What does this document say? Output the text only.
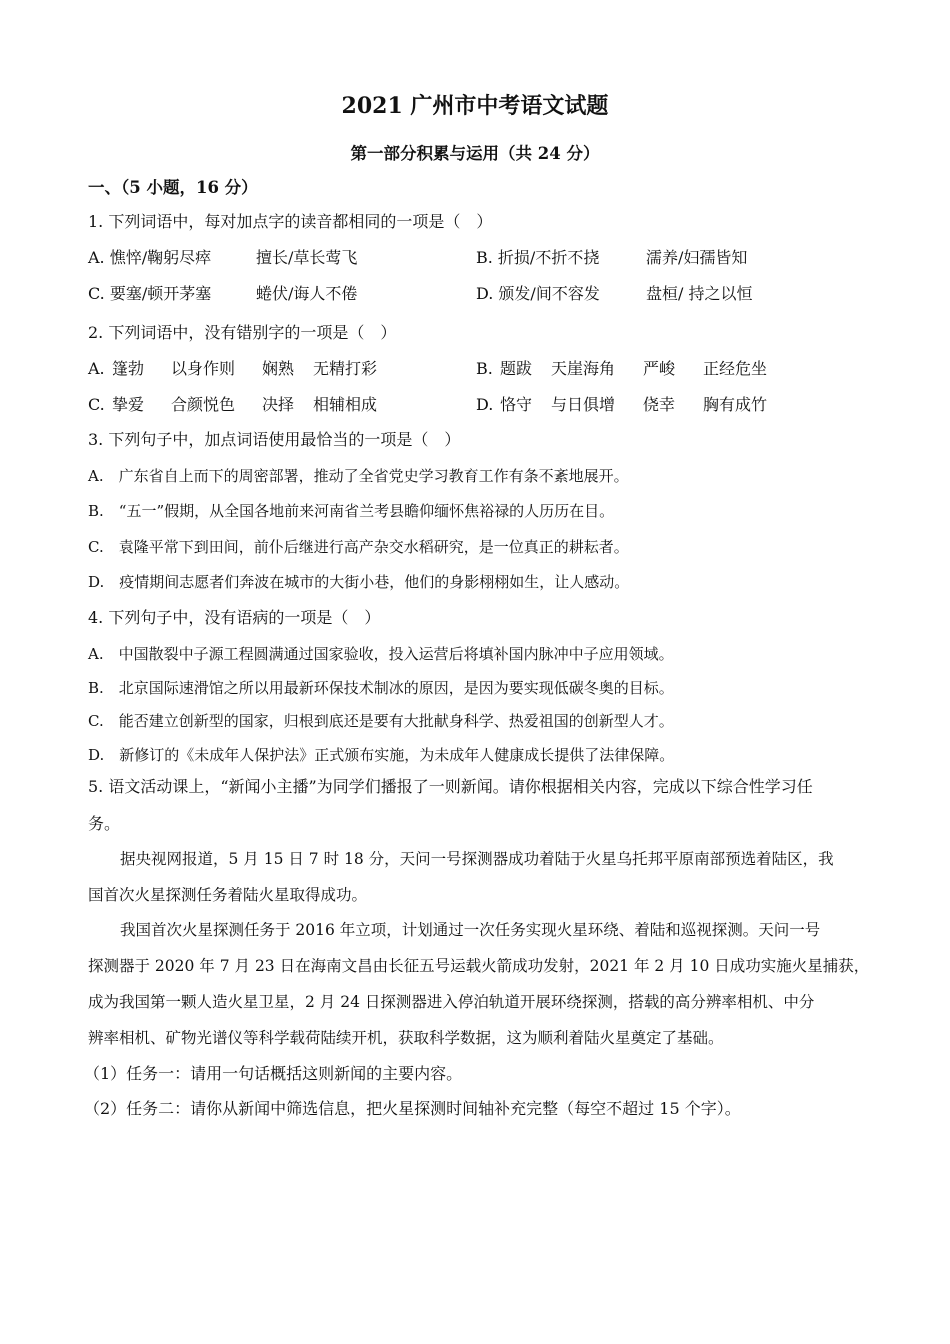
2021 广州市中考语文试题
第一部分积累与运用（共 24 分）
一、（5 小题，16 分）
1. 下列词语中，每对加点字的读音都相同的一项是（　）
A. 憔悴/鞠躬尽瘁	擅长/草长莺飞	B. 折损/不折不挠	濡养/妇孺皆知
C. 要塞/顿开茅塞	蜷伏/诲人不倦	D. 颁发/间不容发	盘桓/ 持之以恒
2. 下列词语中，没有错别字的一项是（　）
A. 篷勃 以身作则 娴熟 无精打彩	B. 题跋 天崖海角 严峻 正经危坐
C. 挚爱 合颜悦色 决择 相辅相成	D. 恪守 与日俱增 侥幸 胸有成竹
3. 下列句子中，加点词语使用最恰当的一项是（　）
A.　广东省自上而下的周密部署，推动了全省党史学习教育工作有条不紊地展开。
B.　“五一”假期，从全国各地前来河南省兰考县瞻仰缅怀焦裕禄的人历历在目。
C.　袁隆平常下到田间，前仆后继进行高产杂交水稻研究，是一位真正的耕耘者。
D.　疫情期间志愿者们奔波在城市的大街小巷，他们的身影栩栩如生，让人感动。
4. 下列句子中，没有语病的一项是（　）
A.　中国散裂中子源工程圆满通过国家验收，投入运营后将填补国内脉冲中子应用领域。
B.　北京国际速滑馆之所以用最新环保技术制冰的原因，是因为要实现低碳冬奥的目标。
C.　能否建立创新型的国家，归根到底还是要有大批献身科学、热爱祖国的创新型人才。
D.　新修订的《未成年人保护法》正式颁布实施，为未成年人健康成长提供了法律保障。
5. 语文活动课上，“新闻小主播”为同学们播报了一则新闻。请你根据相关内容，完成以下综合性学习任
务。
据央视网报道，5 月 15 日 7 时 18 分，天问一号探测器成功着陆于火星乌托邦平原南部预选着陆区，我
国首次火星探测任务着陆火星取得成功。
我国首次火星探测任务于 2016 年立项，计划通过一次任务实现火星环绕、着陆和巡视探测。天问一号
探测器于 2020 年 7 月 23 日在海南文昌由长征五号运载火箭成功发射，2021 年 2 月 10 日成功实施火星捕获，
成为我国第一颗人造火星卫星，2 月 24 日探测器进入停泊轨道开展环绕探测，搭载的高分辨率相机、中分
辨率相机、矿物光谱仪等科学载荷陆续开机，获取科学数据，这为顺利着陆火星奠定了基础。
（1）任务一：请用一句话概括这则新闻的主要内容。
（2）任务二：请你从新闻中筛选信息，把火星探测时间轴补充完整（每空不超过 15 个字）。
